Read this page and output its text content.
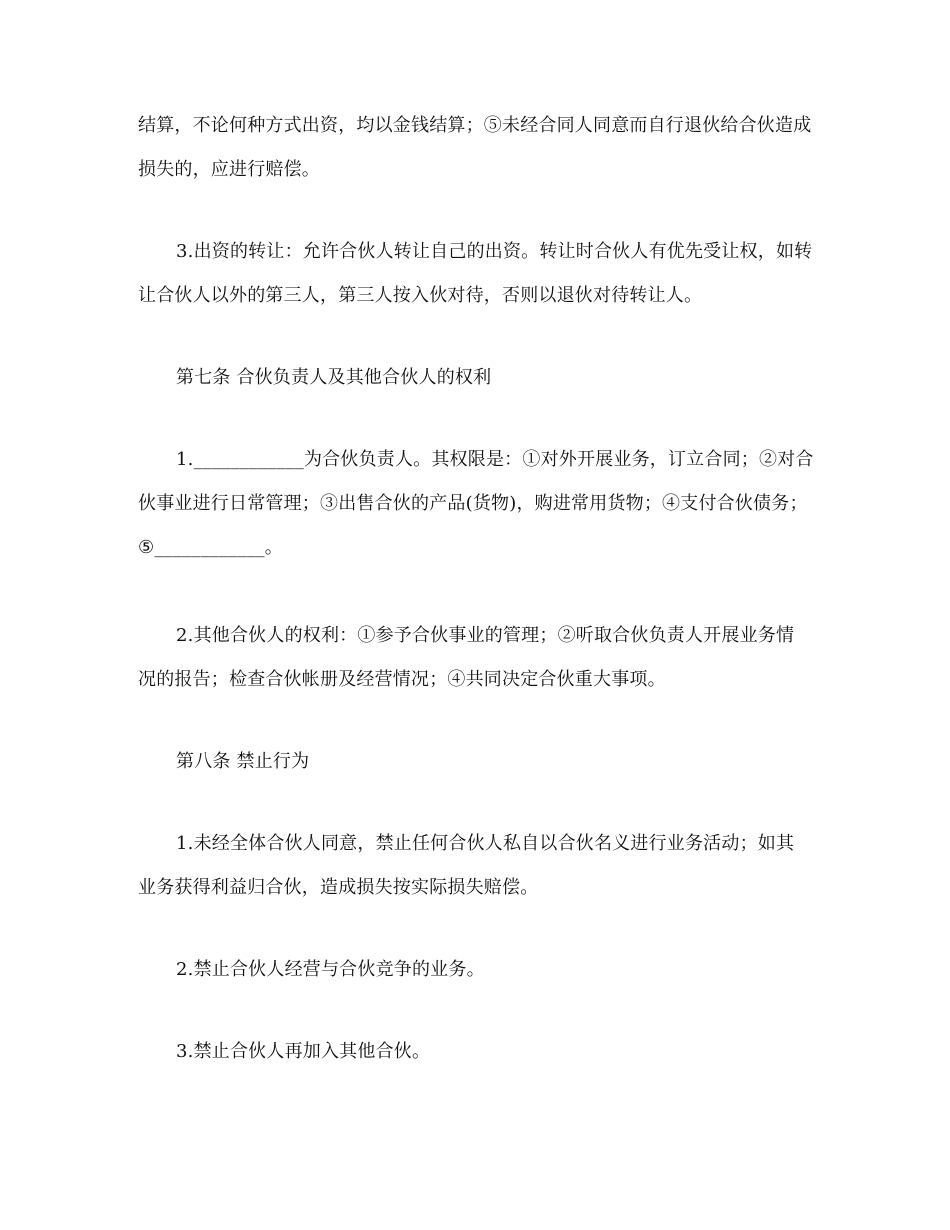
结算，不论何种方式出资，均以金钱结算；⑤未经合同人同意而自行退伙给合伙造成
损失的，应进行赔偿。
3.出资的转让：允许合伙人转让自己的出资。转让时合伙人有优先受让权，如转
让合伙人以外的第三人，第三人按入伙对待，否则以退伙对待转让人。
第七条 合伙负责人及其他合伙人的权利
1.____________为合伙负责人。其权限是：①对外开展业务，订立合同；②对合
伙事业进行日常管理；③出售合伙的产品(货物)，购进常用货物；④支付合伙债务；
⑤____________。
2.其他合伙人的权利：①参予合伙事业的管理；②听取合伙负责人开展业务情
况的报告；检查合伙帐册及经营情况；④共同决定合伙重大事项。
第八条 禁止行为
1.未经全体合伙人同意，禁止任何合伙人私自以合伙名义进行业务活动；如其
业务获得利益归合伙，造成损失按实际损失赔偿。
2.禁止合伙人经营与合伙竞争的业务。
3.禁止合伙人再加入其他合伙。
